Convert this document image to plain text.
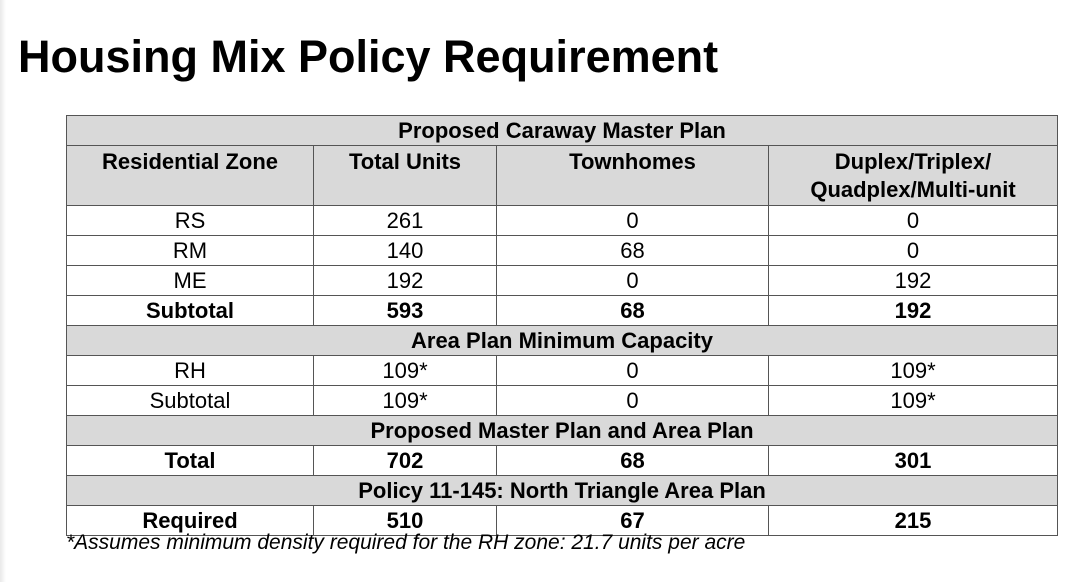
Housing Mix Policy Requirement
Proposed Caraway Master Plan			

Residential Zone	Total Units	Townhomes	Duplex/Triplex/ Quadplex/Multi-unit

RS	261	0	0
RM	140	68	0
ME	192	0	192
Subtotal	593	68	192
Area Plan Minimum Capacity			
RH	109*	0	109*
Subtotal	109*	0	109*
Proposed Master Plan and Area Plan			
Total	702	68	301
Policy 11-145: North Triangle Area Plan			
Required	510	67	215

*Assumes minimum density required for the RH zone: 21.7 units per acre
